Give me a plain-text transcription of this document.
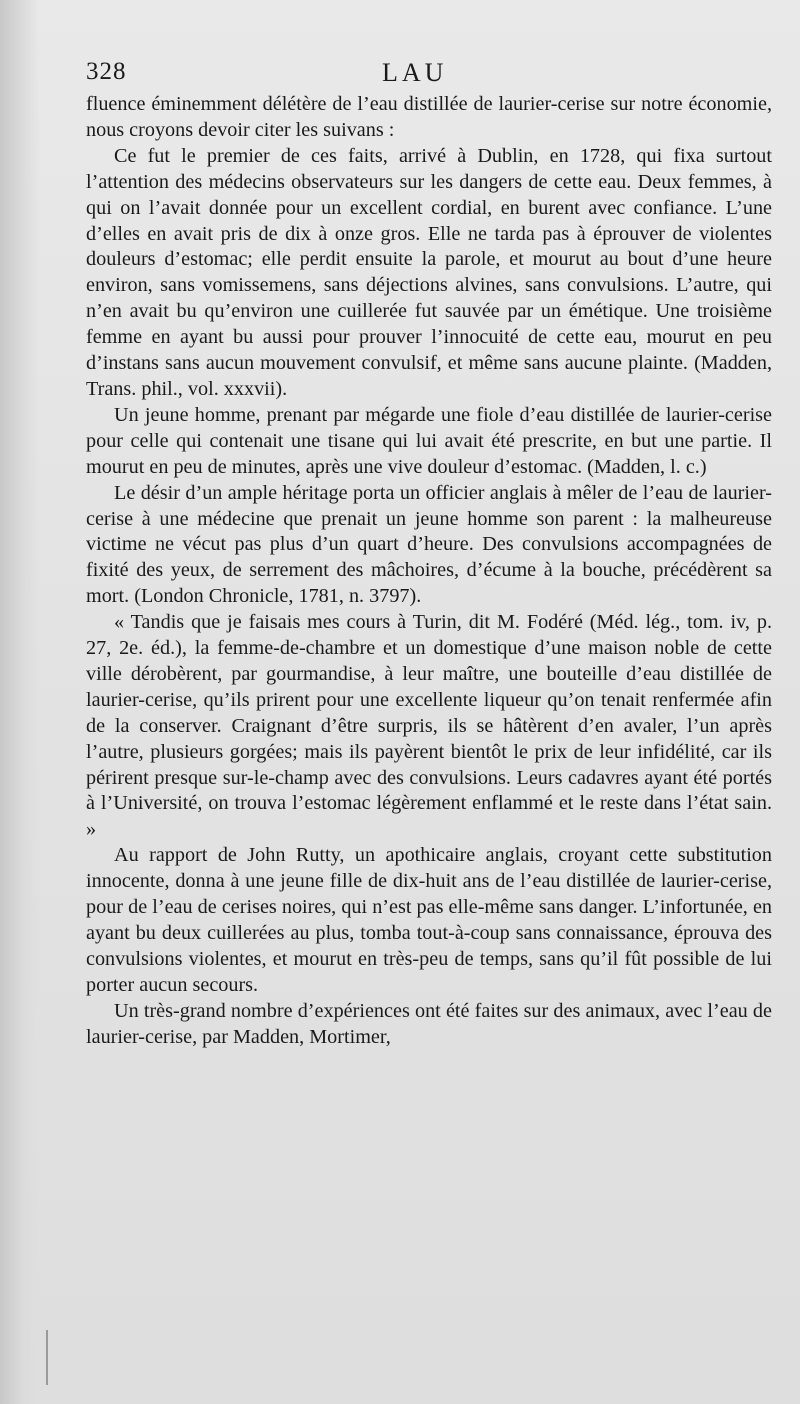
328	LAU

fluence éminemment délétère de l’eau distillée de laurier-cerise sur notre économie, nous croyons devoir citer les suivans :

Ce fut le premier de ces faits, arrivé à Dublin, en 1728, qui fixa surtout l’attention des médecins observateurs sur les dangers de cette eau. Deux femmes, à qui on l’avait donnée pour un excellent cordial, en burent avec confiance. L’une d’elles en avait pris de dix à onze gros. Elle ne tarda pas à éprouver de violentes douleurs d’estomac; elle perdit ensuite la parole, et mourut au bout d’une heure environ, sans vomissemens, sans déjections alvines, sans convulsions. L’autre, qui n’en avait bu qu’environ une cuillerée fut sauvée par un émétique. Une troisième femme en ayant bu aussi pour prouver l’innocuité de cette eau, mourut en peu d’instans sans aucun mouvement convulsif, et même sans aucune plainte. (Madden, Trans. phil., vol. xxxvii).

Un jeune homme, prenant par mégarde une fiole d’eau distillée de laurier-cerise pour celle qui contenait une tisane qui lui avait été prescrite, en but une partie. Il mourut en peu de minutes, après une vive douleur d’estomac. (Madden, l. c.)

Le désir d’un ample héritage porta un officier anglais à mêler de l’eau de laurier-cerise à une médecine que prenait un jeune homme son parent : la malheureuse victime ne vécut pas plus d’un quart d’heure. Des convulsions accompagnées de fixité des yeux, de serrement des mâchoires, d’écume à la bouche, précédèrent sa mort. (London Chronicle, 1781, n. 3797).

« Tandis que je faisais mes cours à Turin, dit M. Fodéré (Méd. lég., tom. iv, p. 27, 2e. éd.), la femme-de-chambre et un domestique d’une maison noble de cette ville dérobèrent, par gourmandise, à leur maître, une bouteille d’eau distillée de laurier-cerise, qu’ils prirent pour une excellente liqueur qu’on tenait renfermée afin de la conserver. Craignant d’être surpris, ils se hâtèrent d’en avaler, l’un après l’autre, plusieurs gorgées; mais ils payèrent bientôt le prix de leur infidélité, car ils périrent presque sur-le-champ avec des convulsions. Leurs cadavres ayant été portés à l’Université, on trouva l’estomac légèrement enflammé et le reste dans l’état sain. »

Au rapport de John Rutty, un apothicaire anglais, croyant cette substitution innocente, donna à une jeune fille de dix-huit ans de l’eau distillée de laurier-cerise, pour de l’eau de cerises noires, qui n’est pas elle-même sans danger. L’infortunée, en ayant bu deux cuillerées au plus, tomba tout-à-coup sans connaissance, éprouva des convulsions violentes, et mourut en très-peu de temps, sans qu’il fût possible de lui porter aucun secours.

Un très-grand nombre d’expériences ont été faites sur des animaux, avec l’eau de laurier-cerise, par Madden, Mortimer,
